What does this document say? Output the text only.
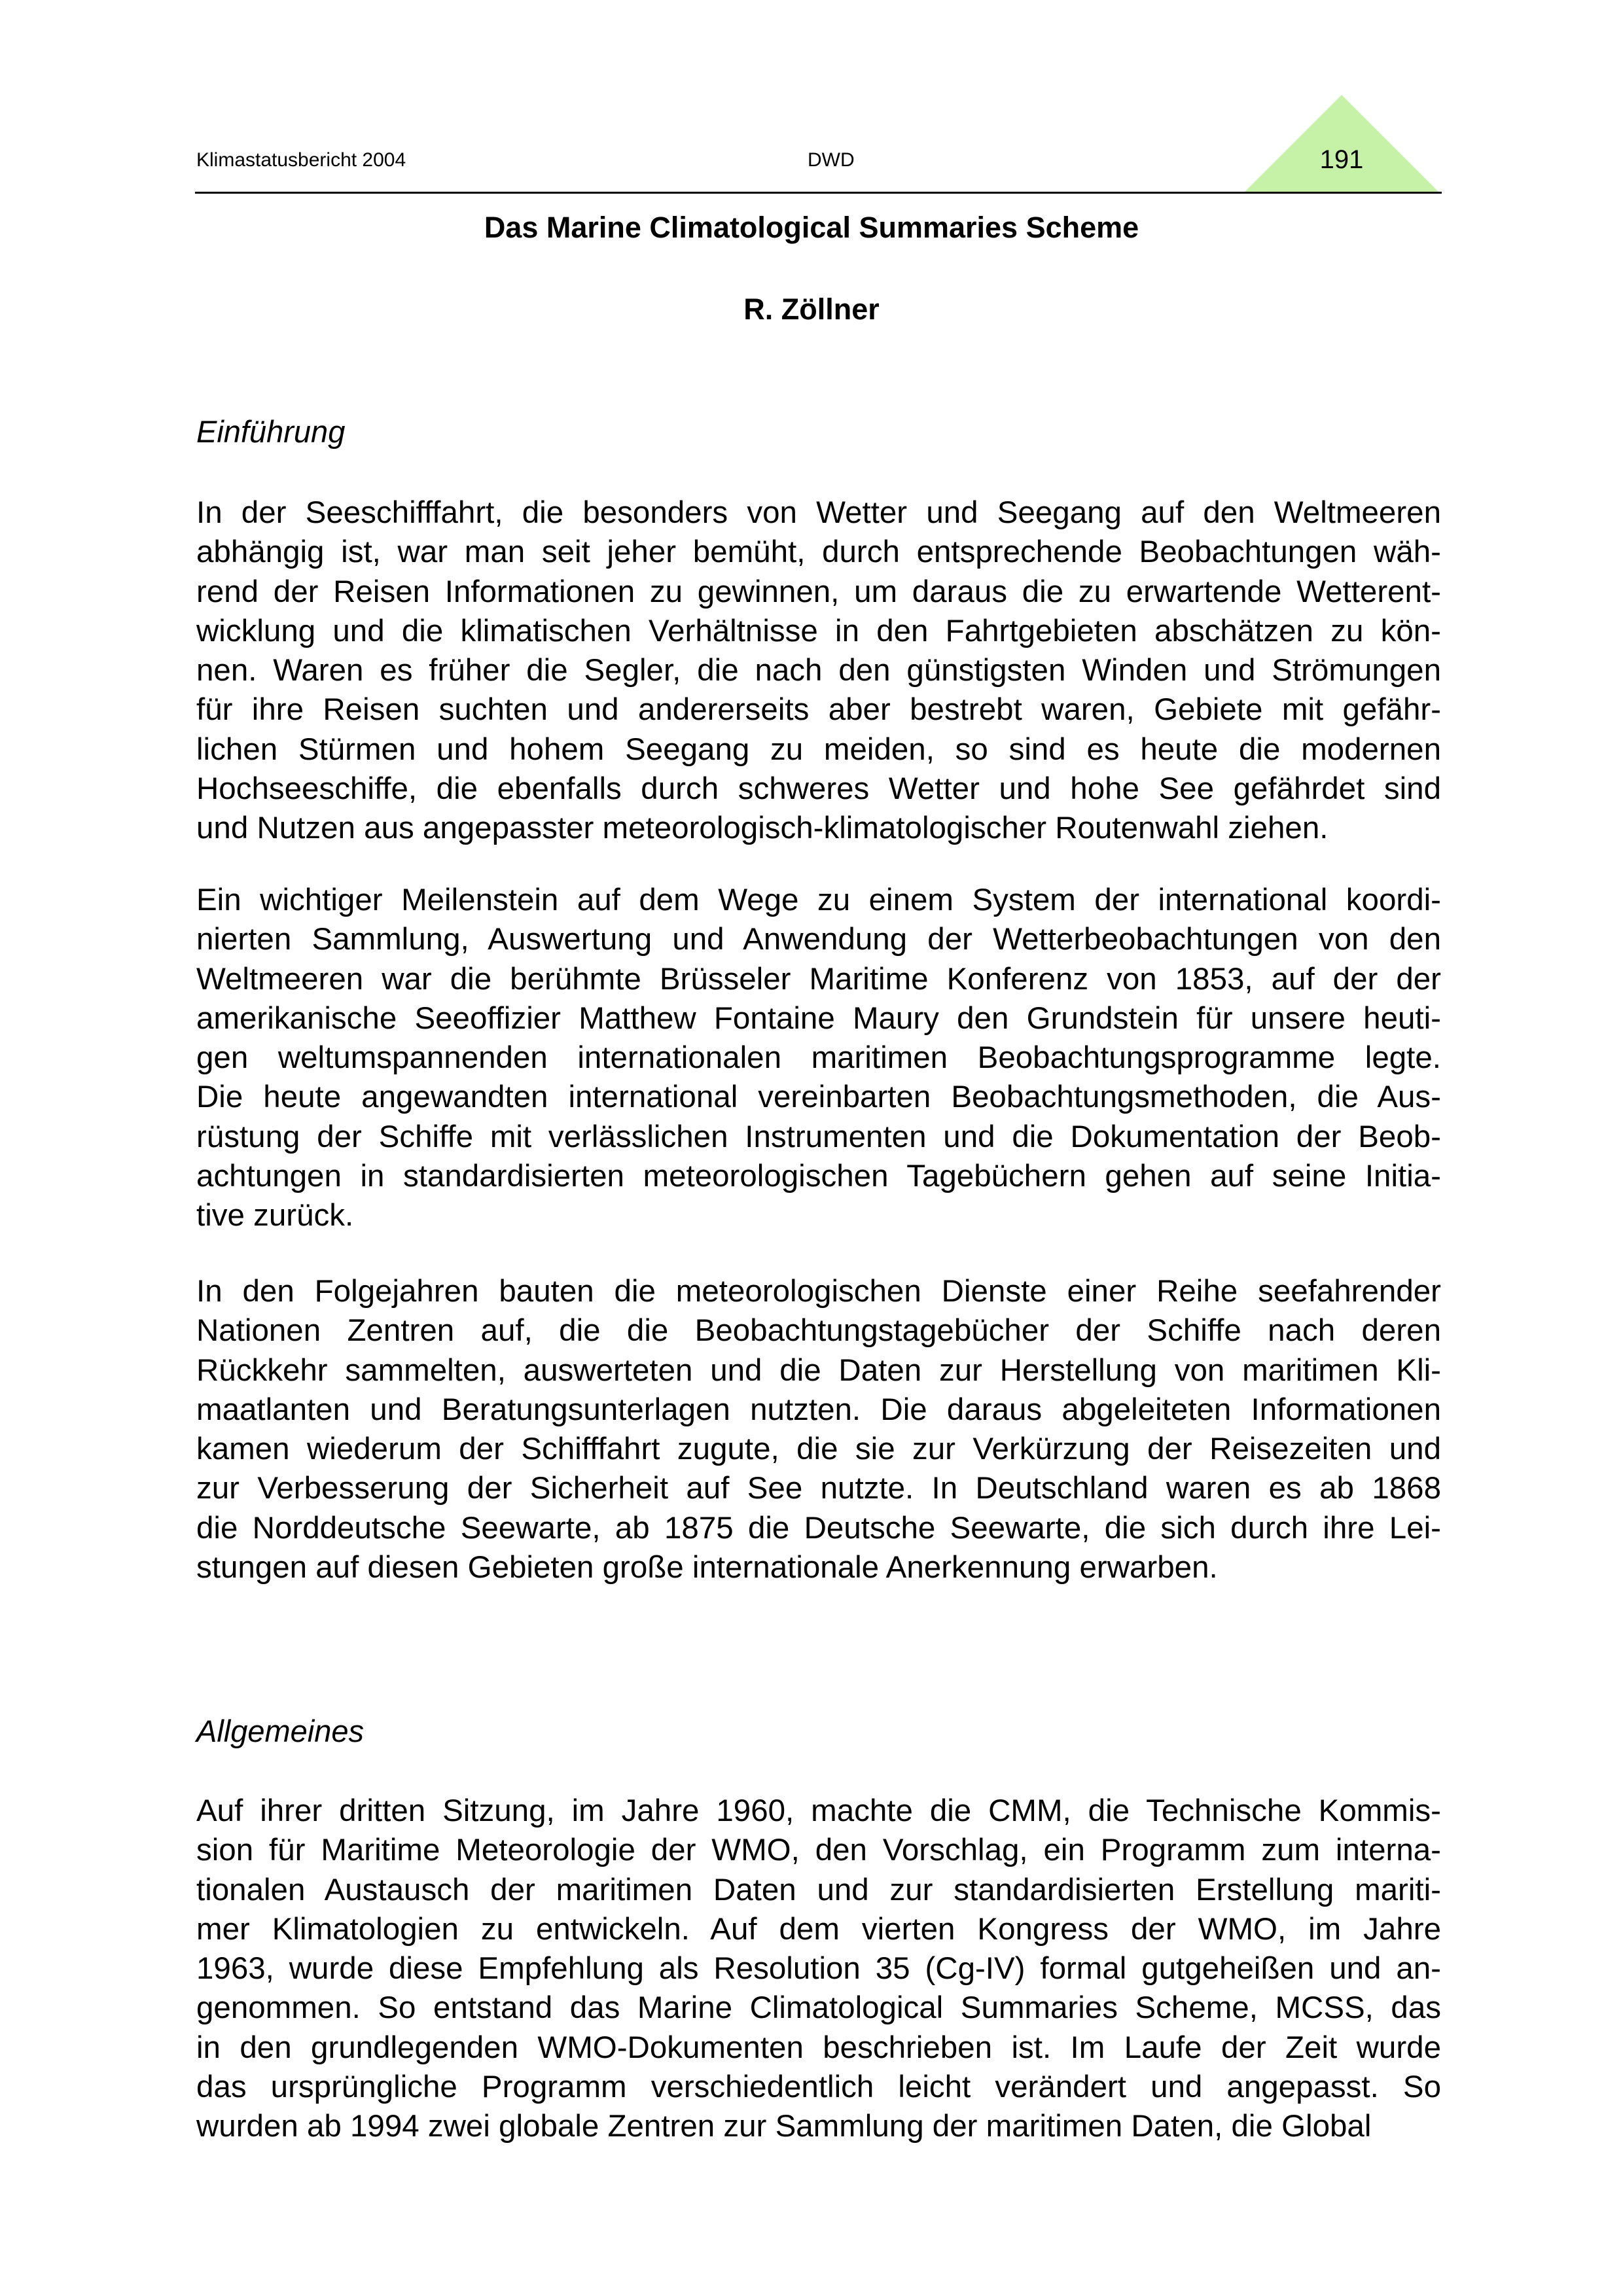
Klimastatusbericht 2004	DWD	191
Das Marine Climatological Summaries Scheme
R. Zöllner
Einführung
In der Seeschifffahrt, die besonders von Wetter und Seegang auf den Weltmeeren
abhängig ist, war man seit jeher bemüht, durch entsprechende Beobachtungen wäh-
rend der Reisen Informationen zu gewinnen, um daraus die zu erwartende Wetterent-
wicklung und die klimatischen Verhältnisse in den Fahrtgebieten abschätzen zu kön-
nen. Waren es früher die Segler, die nach den günstigsten Winden und Strömungen
für ihre Reisen suchten und andererseits aber bestrebt waren, Gebiete mit gefähr-
lichen Stürmen und hohem Seegang zu meiden, so sind es heute die modernen
Hochseeschiffe, die ebenfalls durch schweres Wetter und hohe See gefährdet sind
und Nutzen aus angepasster meteorologisch-klimatologischer Routenwahl ziehen.
Ein wichtiger Meilenstein auf dem Wege zu einem System der international koordi-
nierten Sammlung, Auswertung und Anwendung der Wetterbeobachtungen von den
Weltmeeren war die berühmte Brüsseler Maritime Konferenz von 1853, auf der der
amerikanische Seeoffizier Matthew Fontaine Maury den Grundstein für unsere heuti-
gen weltumspannenden internationalen maritimen Beobachtungsprogramme legte.
Die heute angewandten international vereinbarten Beobachtungsmethoden, die Aus-
rüstung der Schiffe mit verlässlichen Instrumenten und die Dokumentation der Beob-
achtungen in standardisierten meteorologischen Tagebüchern gehen auf seine Initia-
tive zurück.
In den Folgejahren bauten die meteorologischen Dienste einer Reihe seefahrender
Nationen Zentren auf, die die Beobachtungstagebücher der Schiffe nach deren
Rückkehr sammelten, auswerteten und die Daten zur Herstellung von maritimen Kli-
maatlanten und Beratungsunterlagen nutzten. Die daraus abgeleiteten Informationen
kamen wiederum der Schifffahrt zugute, die sie zur Verkürzung der Reisezeiten und
zur Verbesserung der Sicherheit auf See nutzte. In Deutschland waren es ab 1868
die Norddeutsche Seewarte, ab 1875 die Deutsche Seewarte, die sich durch ihre Lei-
stungen auf diesen Gebieten große internationale Anerkennung erwarben.
Allgemeines
Auf ihrer dritten Sitzung, im Jahre 1960, machte die CMM, die Technische Kommis-
sion für Maritime Meteorologie der WMO, den Vorschlag, ein Programm zum interna-
tionalen Austausch der maritimen Daten und zur standardisierten Erstellung mariti-
mer Klimatologien zu entwickeln. Auf dem vierten Kongress der WMO, im Jahre
1963, wurde diese Empfehlung als Resolution 35 (Cg-IV) formal gutgeheißen und an-
genommen. So entstand das Marine Climatological Summaries Scheme, MCSS, das
in den grundlegenden WMO-Dokumenten beschrieben ist. Im Laufe der Zeit wurde
das ursprüngliche Programm verschiedentlich leicht verändert und angepasst. So
wurden ab 1994 zwei globale Zentren zur Sammlung der maritimen Daten, die Global
